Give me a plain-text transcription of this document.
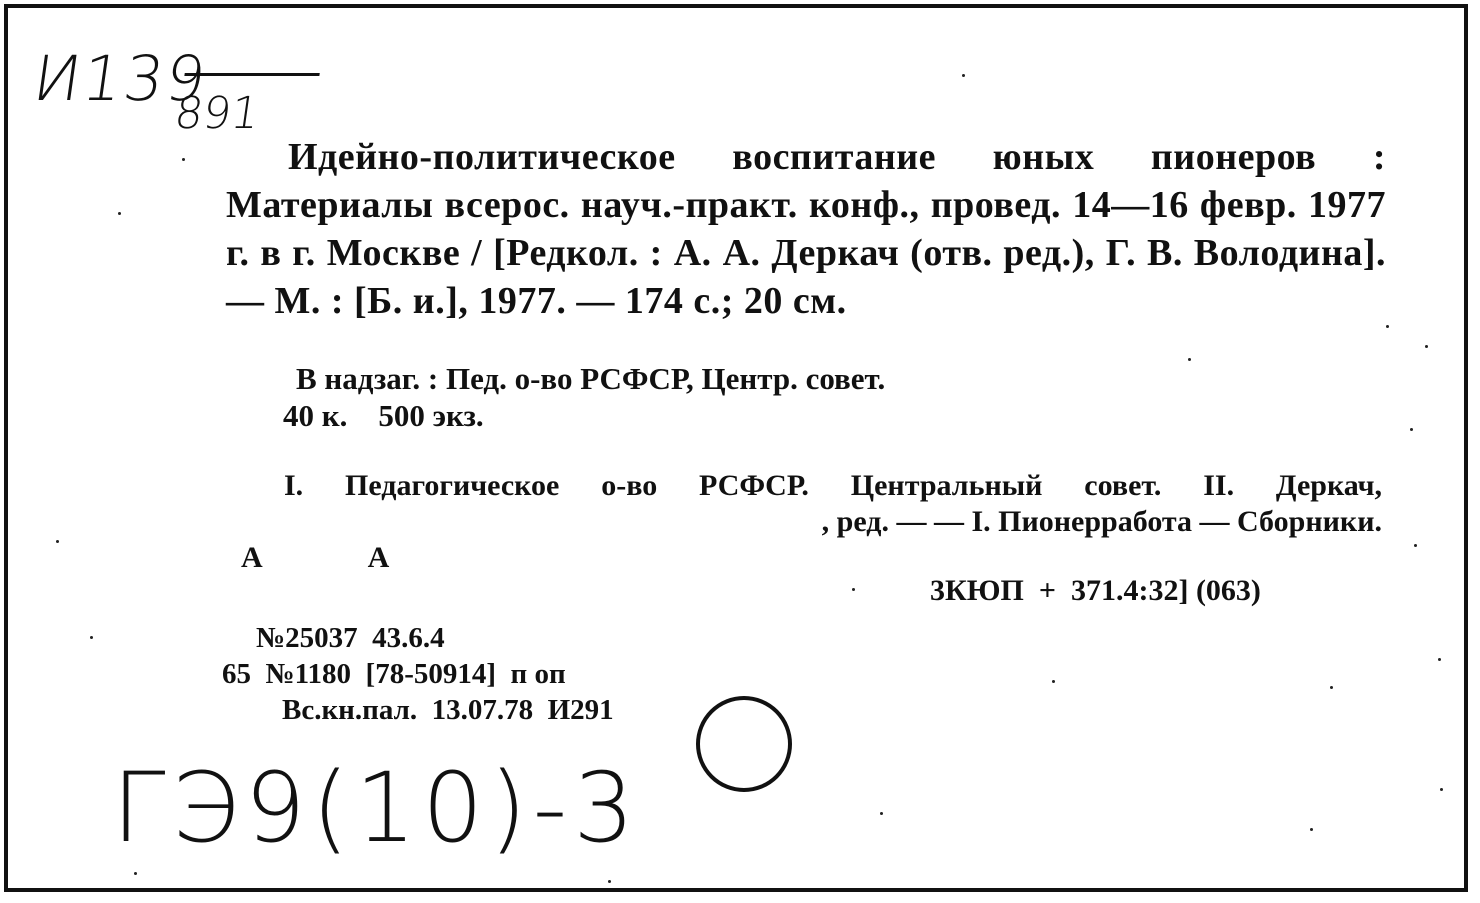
И139
891

Идейно-политическое воспитание юных пионеров : Материалы всерос. науч.-практ. конф., провед. 14—16 февр. 1977 г. в г. Москве / [Редкол. : А. А. Деркач (отв. ред.), Г. В. Володина]. — М. : [Б. и.], 1977. — 174 с.; 20 см.

В надзаг. : Пед. о-во РСФСР, Центр. совет.
40 к.    500 экз.
I. Педагогическое о-во РСФСР. Центральный совет. II. Деркач,

А              А

, ред. — — I. Пионерработа — Сборники.

3КЮП  +  371.4:32] (063)
№25037  43.6.4
65  №1180  [78-50914]  п оп
Вс.кн.пал.  13.07.78  И291
ГЭ9(10)-3
